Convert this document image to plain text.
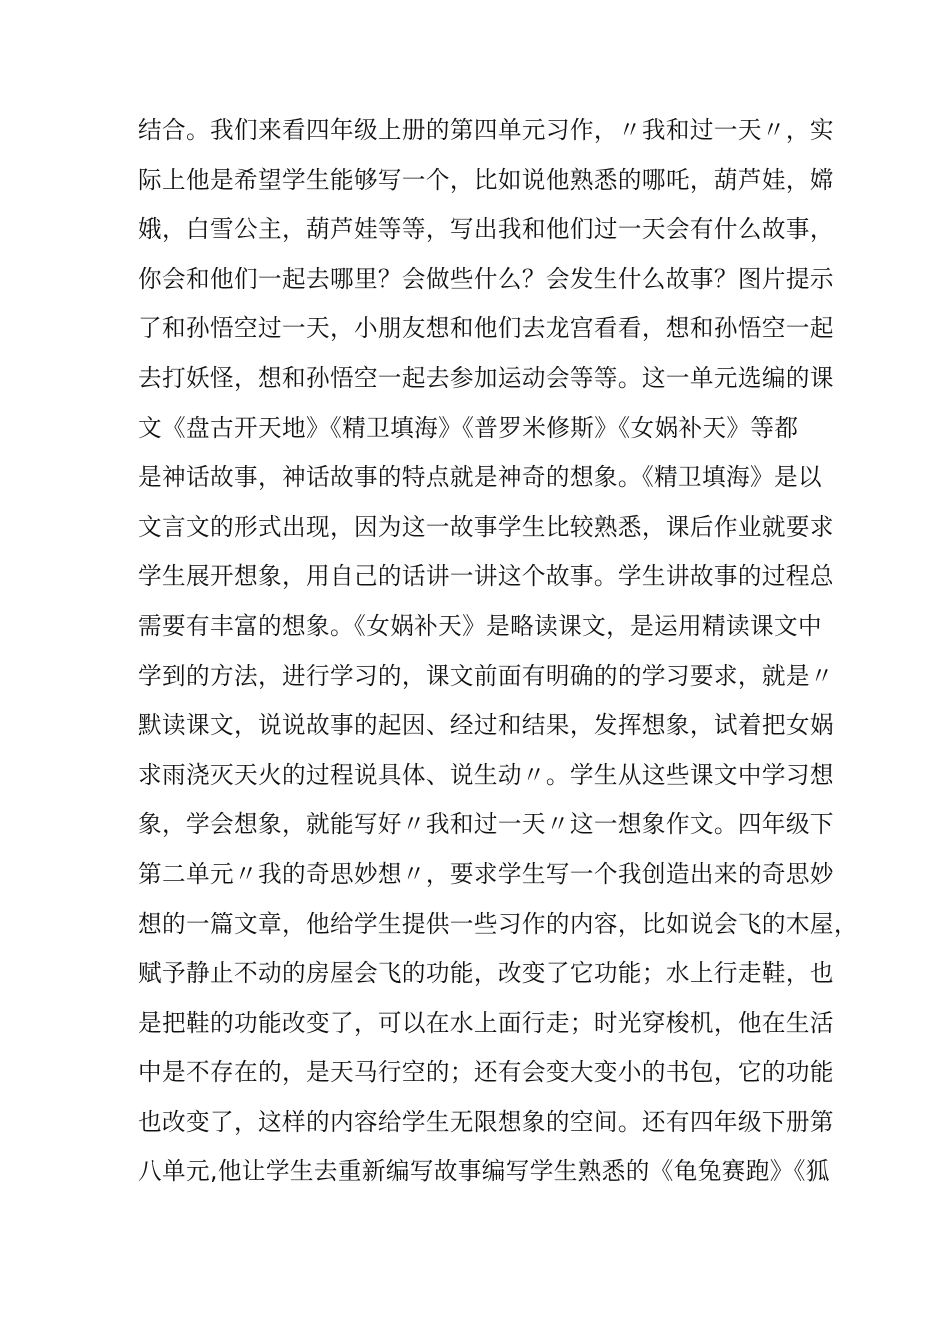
结合。我们来看四年级上册的第四单元习作，〃我和过一天〃，实
际上他是希望学生能够写一个，比如说他熟悉的哪吒，葫芦娃，嫦
娥，白雪公主，葫芦娃等等，写出我和他们过一天会有什么故事，
你会和他们一起去哪里？会做些什么？会发生什么故事？图片提示
了和孙悟空过一天，小朋友想和他们去龙宫看看，想和孙悟空一起
去打妖怪，想和孙悟空一起去参加运动会等等。这一单元选编的课
文《盘古开天地》《精卫填海》《普罗米修斯》《女娲补天》等都
是神话故事，神话故事的特点就是神奇的想象。《精卫填海》是以
文言文的形式出现，因为这一故事学生比较熟悉，课后作业就要求
学生展开想象，用自己的话讲一讲这个故事。学生讲故事的过程总
需要有丰富的想象。《女娲补天》是略读课文，是运用精读课文中
学到的方法，进行学习的，课文前面有明确的的学习要求，就是〃
默读课文，说说故事的起因、经过和结果，发挥想象，试着把女娲
求雨浇灭天火的过程说具体、说生动〃。学生从这些课文中学习想
象，学会想象，就能写好〃我和过一天〃这一想象作文。四年级下
第二单元〃我的奇思妙想〃，要求学生写一个我创造出来的奇思妙
想的一篇文章，他给学生提供一些习作的内容，比如说会飞的木屋，
赋予静止不动的房屋会飞的功能，改变了它功能；水上行走鞋，也
是把鞋的功能改变了，可以在水上面行走；时光穿梭机，他在生活
中是不存在的，是天马行空的；还有会变大变小的书包，它的功能
也改变了，这样的内容给学生无限想象的空间。还有四年级下册第
八单元,他让学生去重新编写故事编写学生熟悉的《龟兔赛跑》《狐
